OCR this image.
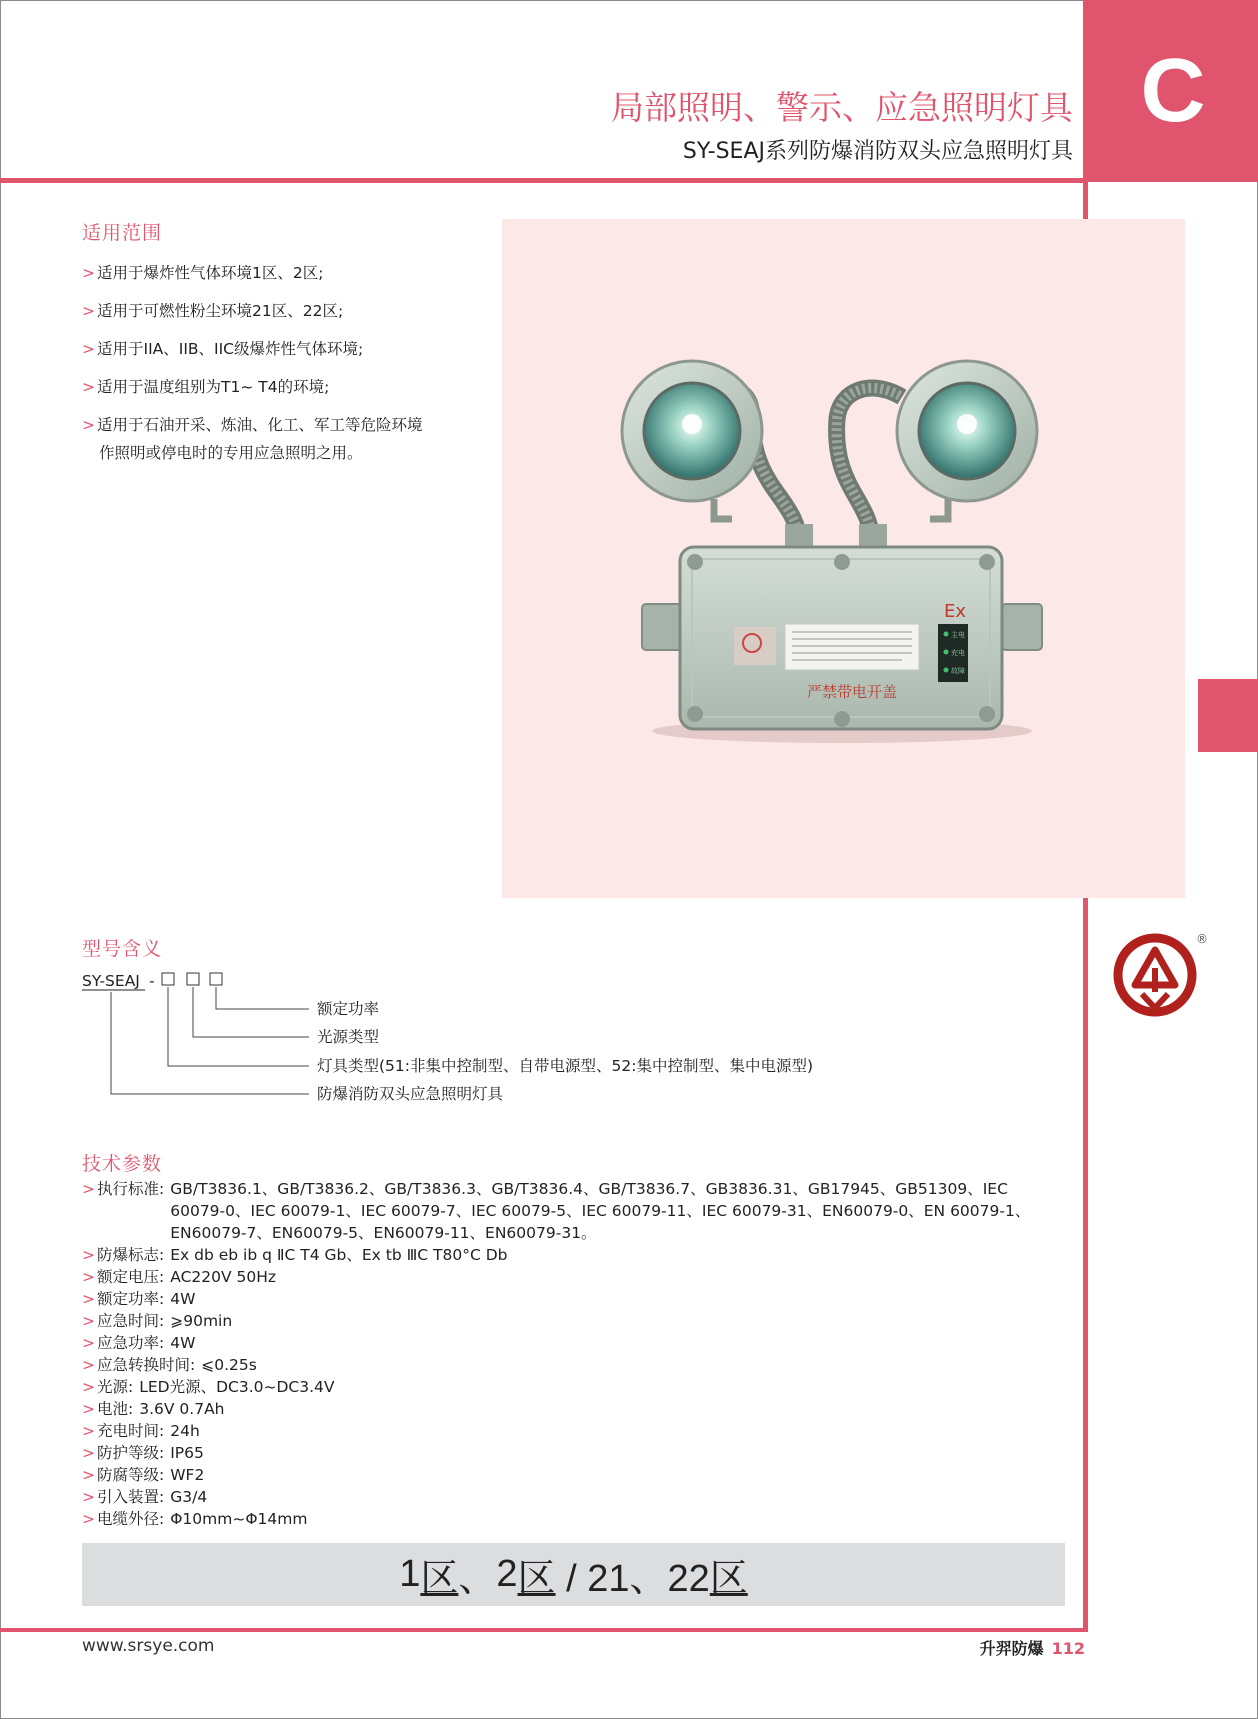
C
局部照明、警示、应急照明灯具
SY-SEAJ系列防爆消防双头应急照明灯具
适用范围
> 适用于爆炸性气体环境1区、2区;
> 适用于可燃性粉尘环境21区、22区;
> 适用于IIA、IIB、IIC级爆炸性气体环境;
> 适用于温度组别为T1~ T4的环境;
> 适用于石油开采、炼油、化工、军工等危险环境
作照明或停电时的专用应急照明之用。
严禁带电开盖
Ex
主电
充电
故障
型号含义
SY-SEAJ -
额定功率
光源类型
灯具类型(51:非集中控制型、自带电源型、52:集中控制型、集中电源型)
防爆消防双头应急照明灯具
技术参数
> 执行标准: GB/T3836.1、GB/T3836.2、GB/T3836.3、GB/T3836.4、GB/T3836.7、GB3836.31、GB17945、GB51309、IEC 60079-0、IEC 60079-1、IEC 60079-7、IEC 60079-5、IEC 60079-11、IEC 60079-31、EN60079-0、EN 60079-1、EN60079-7、EN60079-5、EN60079-11、EN60079-31。
> 防爆标志: Ex db eb ib q ⅡC T4 Gb、Ex tb ⅢC T80°C Db
> 额定电压: AC220V 50Hz
> 额定功率: 4W
> 应急时间: ⩾90min
> 应急功率: 4W
> 应急转换时间: ⩽0.25s
> 光源: LED光源、DC3.0~DC3.4V
> 电池: 3.6V 0.7Ah
> 充电时间: 24h
> 防护等级: IP65
> 防腐等级: WF2
> 引入装置: G3/4
> 电缆外径: Φ10mm~Φ14mm
1 区 、 2 区 / 21、22 区
®
www.srsye.com	升羿防爆 112
